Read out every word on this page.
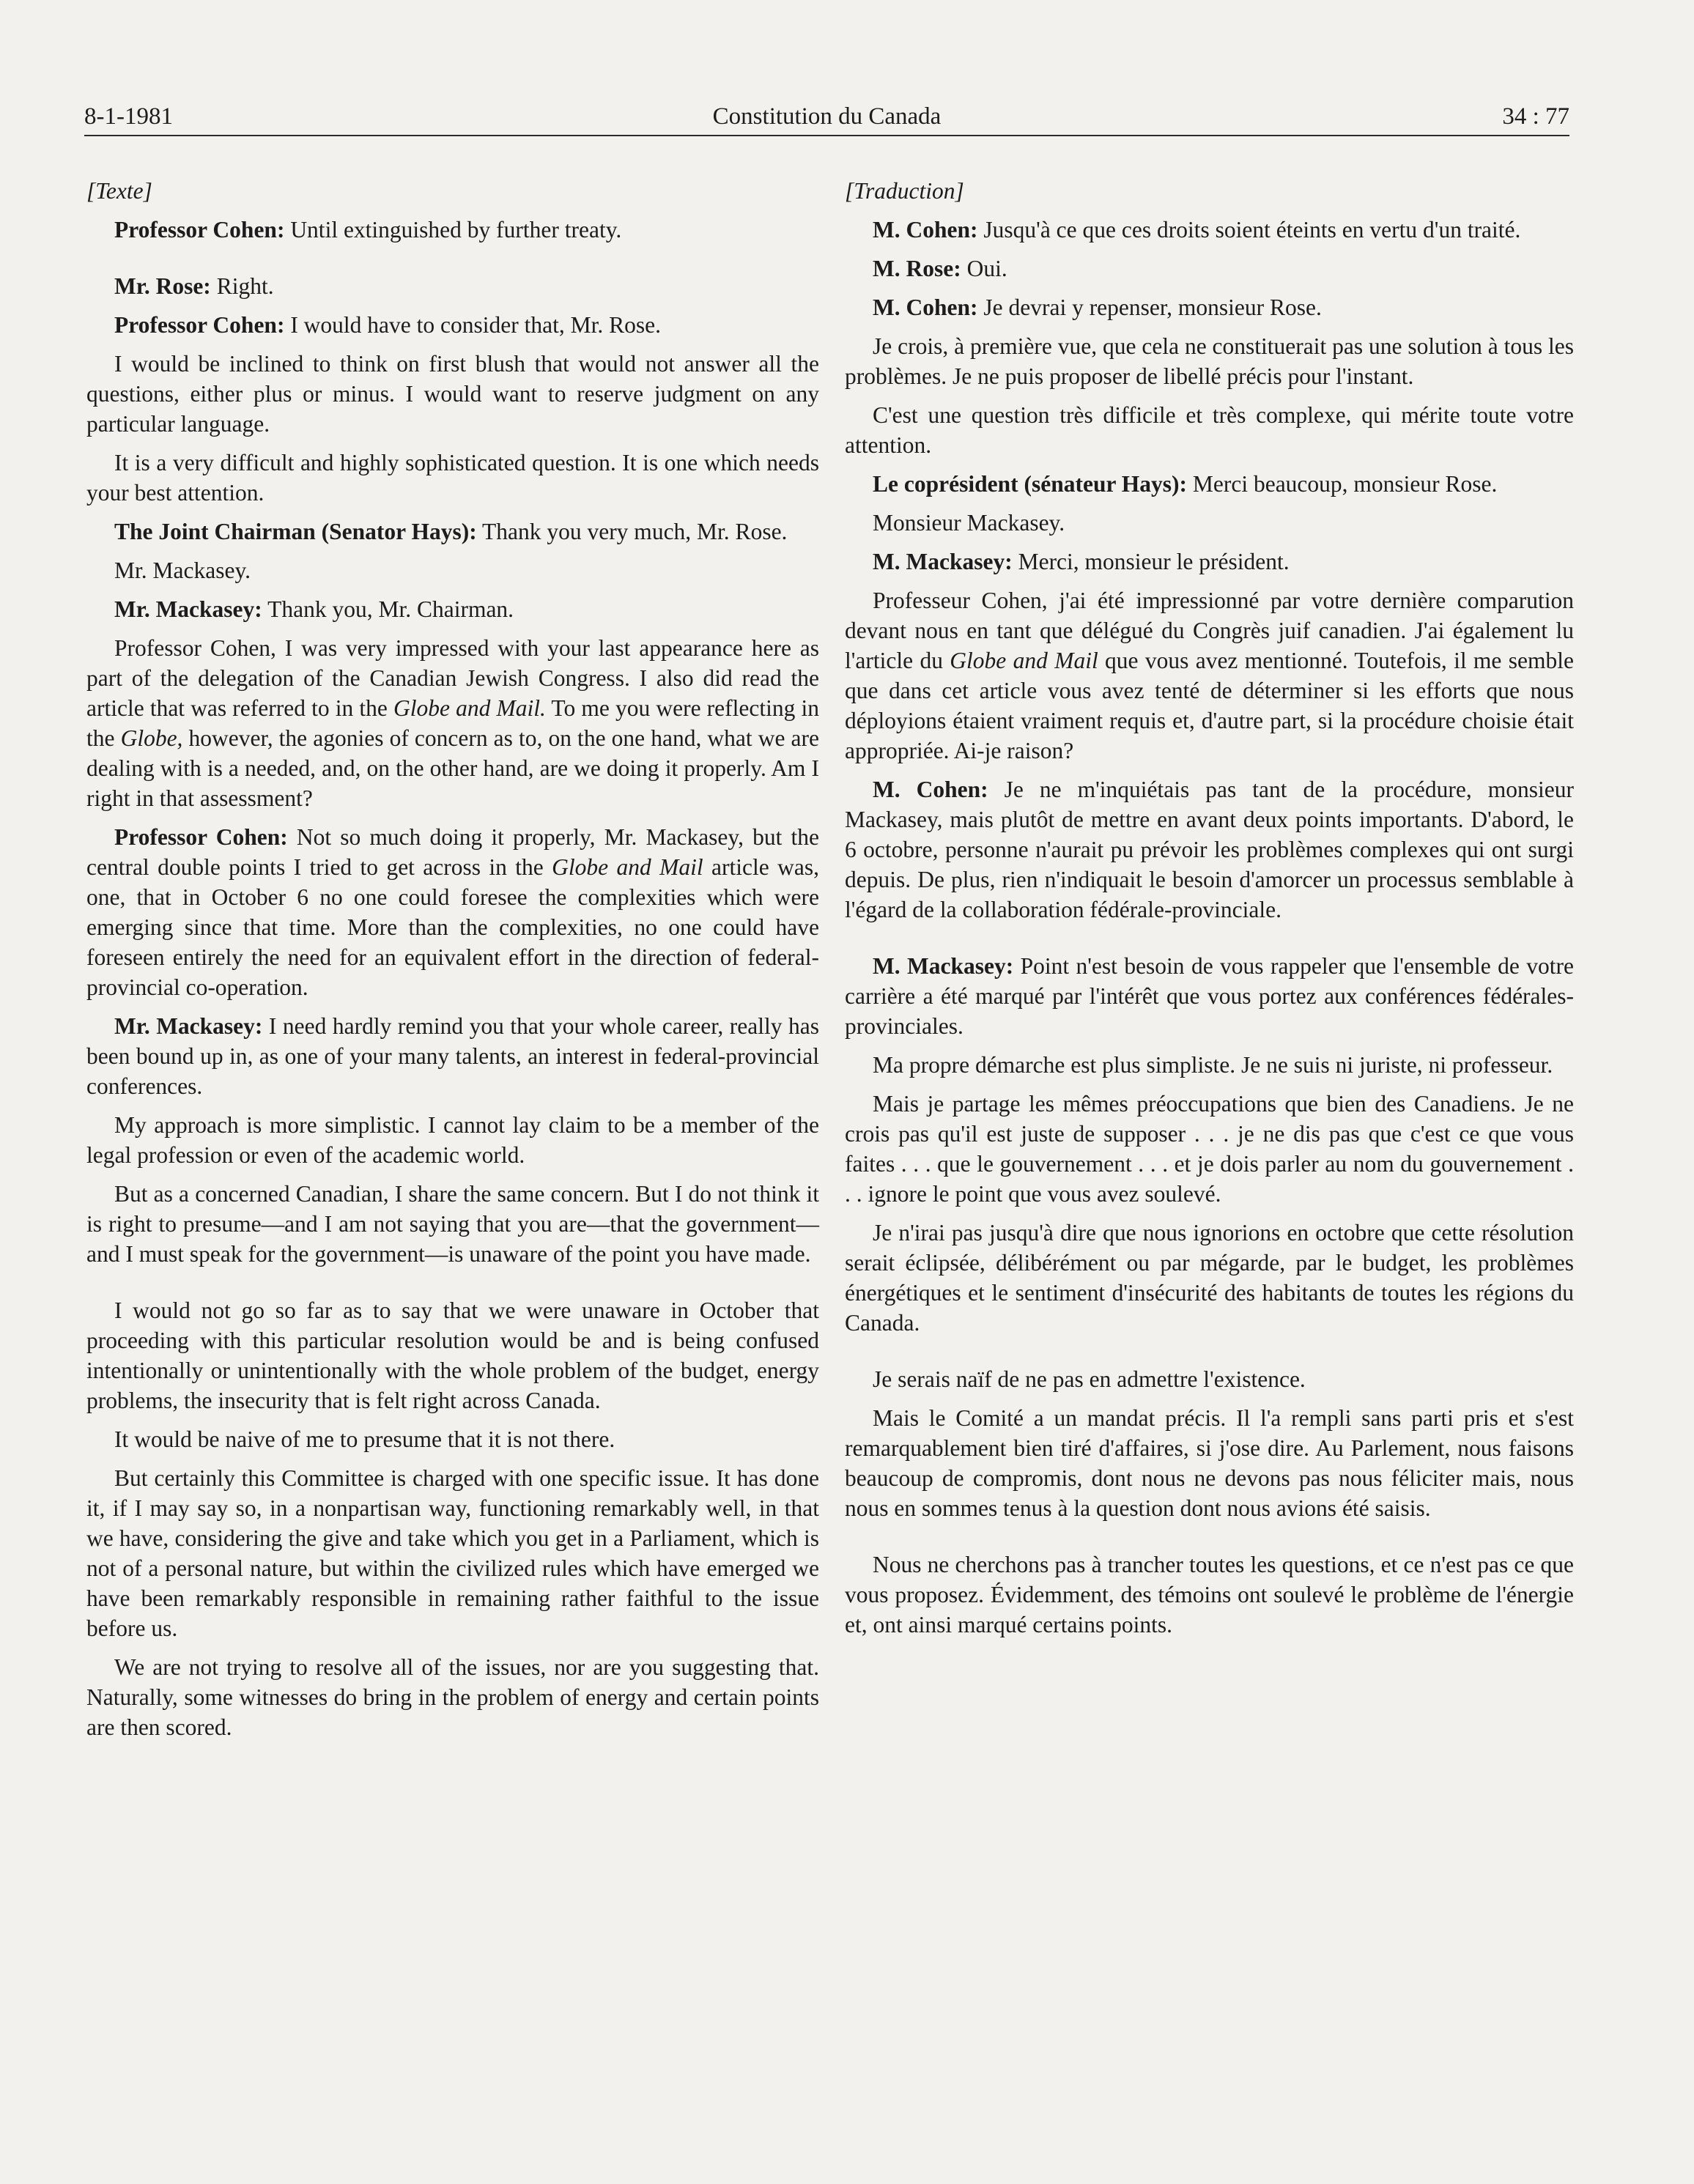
8-1-1981	Constitution du Canada	34 : 77

[Texte]

Professor Cohen: Until extinguished by further treaty.

Mr. Rose: Right.

Professor Cohen: I would have to consider that, Mr. Rose.

I would be inclined to think on first blush that would not answer all the questions, either plus or minus. I would want to reserve judgment on any particular language.

It is a very difficult and highly sophisticated question. It is one which needs your best attention.

The Joint Chairman (Senator Hays): Thank you very much, Mr. Rose.

Mr. Mackasey.

Mr. Mackasey: Thank you, Mr. Chairman.

Professor Cohen, I was very impressed with your last appearance here as part of the delegation of the Canadian Jewish Congress. I also did read the article that was referred to in the Globe and Mail. To me you were reflecting in the Globe, however, the agonies of concern as to, on the one hand, what we are dealing with is a needed, and, on the other hand, are we doing it properly. Am I right in that assessment?

Professor Cohen: Not so much doing it properly, Mr. Mackasey, but the central double points I tried to get across in the Globe and Mail article was, one, that in October 6 no one could foresee the complexities which were emerging since that time. More than the complexities, no one could have foreseen entirely the need for an equivalent effort in the direction of federal-provincial co-operation.

Mr. Mackasey: I need hardly remind you that your whole career, really has been bound up in, as one of your many talents, an interest in federal-provincial conferences.

My approach is more simplistic. I cannot lay claim to be a member of the legal profession or even of the academic world.

But as a concerned Canadian, I share the same concern. But I do not think it is right to presume—and I am not saying that you are—that the government—and I must speak for the government—is unaware of the point you have made.

I would not go so far as to say that we were unaware in October that proceeding with this particular resolution would be and is being confused intentionally or unintentionally with the whole problem of the budget, energy problems, the insecurity that is felt right across Canada.

It would be naive of me to presume that it is not there.

But certainly this Committee is charged with one specific issue. It has done it, if I may say so, in a nonpartisan way, functioning remarkably well, in that we have, considering the give and take which you get in a Parliament, which is not of a personal nature, but within the civilized rules which have emerged we have been remarkably responsible in remaining rather faithful to the issue before us.

We are not trying to resolve all of the issues, nor are you suggesting that. Naturally, some witnesses do bring in the problem of energy and certain points are then scored.

[Traduction]

M. Cohen: Jusqu'à ce que ces droits soient éteints en vertu d'un traité.

M. Rose: Oui.

M. Cohen: Je devrai y repenser, monsieur Rose.

Je crois, à première vue, que cela ne constituerait pas une solution à tous les problèmes. Je ne puis proposer de libellé précis pour l'instant.

C'est une question très difficile et très complexe, qui mérite toute votre attention.

Le coprésident (sénateur Hays): Merci beaucoup, monsieur Rose.

Monsieur Mackasey.

M. Mackasey: Merci, monsieur le président.

Professeur Cohen, j'ai été impressionné par votre dernière comparution devant nous en tant que délégué du Congrès juif canadien. J'ai également lu l'article du Globe and Mail que vous avez mentionné. Toutefois, il me semble que dans cet article vous avez tenté de déterminer si les efforts que nous déployions étaient vraiment requis et, d'autre part, si la procédure choisie était appropriée. Ai-je raison?

M. Cohen: Je ne m'inquiétais pas tant de la procédure, monsieur Mackasey, mais plutôt de mettre en avant deux points importants. D'abord, le 6 octobre, personne n'aurait pu prévoir les problèmes complexes qui ont surgi depuis. De plus, rien n'indiquait le besoin d'amorcer un processus semblable à l'égard de la collaboration fédérale-provinciale.

M. Mackasey: Point n'est besoin de vous rappeler que l'ensemble de votre carrière a été marqué par l'intérêt que vous portez aux conférences fédérales-provinciales.

Ma propre démarche est plus simpliste. Je ne suis ni juriste, ni professeur.

Mais je partage les mêmes préoccupations que bien des Canadiens. Je ne crois pas qu'il est juste de supposer . . . je ne dis pas que c'est ce que vous faites . . . que le gouvernement . . . et je dois parler au nom du gouvernement . . . ignore le point que vous avez soulevé.

Je n'irai pas jusqu'à dire que nous ignorions en octobre que cette résolution serait éclipsée, délibérément ou par mégarde, par le budget, les problèmes énergétiques et le sentiment d'insécurité des habitants de toutes les régions du Canada.

Je serais naïf de ne pas en admettre l'existence.

Mais le Comité a un mandat précis. Il l'a rempli sans parti pris et s'est remarquablement bien tiré d'affaires, si j'ose dire. Au Parlement, nous faisons beaucoup de compromis, dont nous ne devons pas nous féliciter mais, nous nous en sommes tenus à la question dont nous avions été saisis.

Nous ne cherchons pas à trancher toutes les questions, et ce n'est pas ce que vous proposez. Évidemment, des témoins ont soulevé le problème de l'énergie et, ont ainsi marqué certains points.
